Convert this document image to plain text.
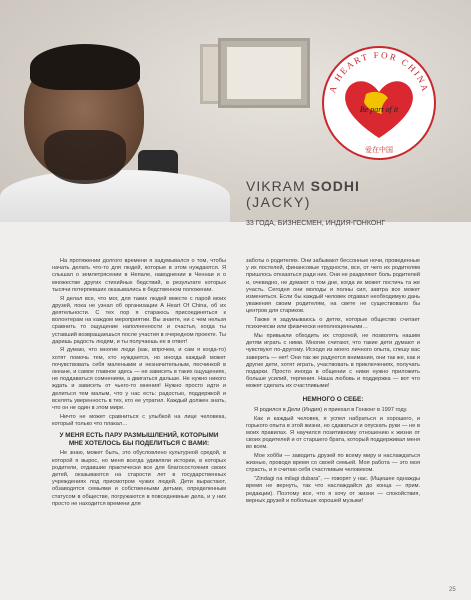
A HEART FOR CHINA
Be part of it
爱在中国
VIKRAM SODHI
(JACKY)
33 ГОДА, БИЗНЕСМЕН, ИНДИЯ-ГОНКОНГ

На протяжении долгого времени я задумывался о том, чтобы начать делать что-то для людей, которые в этом нуждаются. Я слышал о землетрясении в Непале, наводнении в Ченнаи и о множестве других стихийных бедствий, в результате которых тысячи потерпевших оказывались в бедственном положении.

Я делал все, что мог, для таких людей вместе с парой моих друзей, пока не узнал об организации A Heart Of China, об их деятельности. С тех пор я стараюсь присоединяться к волонтерам на каждом мероприятии. Вы знаете, ни с чем нельзя сравнить то ощущение наполненности и счастья, когда ты уставший возвращаешься после участия в очередном проекте. Ты даришь радость людям, и ты получаешь ее в ответ!

Я думаю, что многие люди (как, впрочем, и сам я когда-то) хотят помочь тем, кто нуждается, но иногда каждый может почувствовать себя маленьким и незначительным, песчинкой в океане, и самое главное здесь — не зависеть в таких ощущениях, не поддаваться сомнениям, а двигаться дальше. Не нужно никого ждать и зависеть от чьего-то мнения! Нужно просто идти и делиться тем малым, что у нас есть: радостью, поддержкой и вселять уверенность в тех, кто ее утратил. Каждый должен знать, что он не один в этом мире.

Ничто не может сравниться с улыбкой на лице человека, который только что плакал…

У МЕНЯ ЕСТЬ ПАРУ РАЗМЫШЛЕНИЙ, КОТОРЫМИ МНЕ ХОТЕЛОСЬ БЫ ПОДЕЛИТЬСЯ С ВАМИ:

Не знаю, может быть, это обусловлено культурной средой, в которой я вырос, но меня всегда удивляли истории, в которых родители, отдавшие практически все для благосостояния своих детей, оказываются на старости лет в государственных учреждениях под присмотром чужих людей. Дети вырастают, обзаводятся семьями и собственными детьми, определенным статусом в обществе, погружаются в повседневные дела, и у них просто не находится времени для

заботы о родителях. Они забывают бессонные ночи, проведенные у их постелей, финансовые трудности, все, от чего их родителям пришлось отказаться ради них. Они не разделяют боль родителей и, очевидно, не думают о том дне, когда их может постичь та же участь. Сегодня они молоды и полны сил, завтра все может измениться. Если бы каждый человек отдавал необходимую дань уважения своим родителям, на свете не существовало бы центров для стариков.

Также я задумываюсь о детях, которые общество считает психически или физически неполноценными…

Мы привыкли обходить их стороной, не позволять нашим детям играть с ними. Многие считают, что такие дети думают и чувствуют по-другому. Исходя из моего личного опыта, спешу вас заверить — нет! Они так же радуются внимания, они так же, как и другие дети, хотят играть, участвовать в приключениях, получать подарки. Просто иногда в общении с ними нужно приложить больше усилий, терпения. Наша любовь и поддержка — вот что может сделать их счастливыми!

НЕМНОГО О СЕБЕ:

Я родился в Дели (Индия) и приехал в Гонконг в 1997 году.

Как и каждый человек, я успел набраться и хорошего, и горького опыта в этой жизни, но сдаваться и опускать руки — не в моих правилах. Я научился позитивному отношению к жизни от своих родителей и от старшего брата, который поддерживал меня во всем.

Мое хобби — заводить друзей по всему миру и наслаждаться жизнью, проводя время со своей семьей. Моя работа — это моя страсть, и я считаю себя счастливым человеком.

"Zindagi na milagi dubara", — говорят у нас. (Ищешее однажды время не вернуть, так что наслаждайся до конца — прим. редакции). Поэтому все, что я хочу от жизни — спокойствия, верных друзей и побольше хорошей музыки!

25
